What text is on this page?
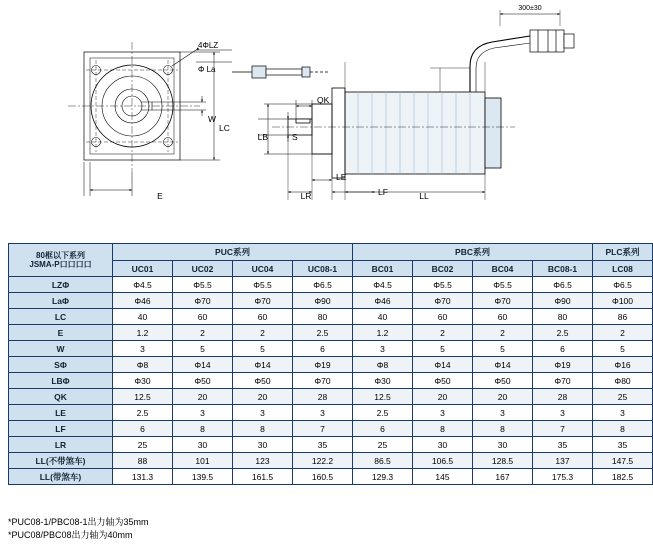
4ΦLZ
Φ La
E
W
LC
300±30
QK
LB	S
LR
LE
LF	LL
80框以下系列
JSMA-P口口口口	PUC系列				PBC系列				PLC系列
	UC01	UC02	UC04	UC08-1	BC01	BC02	BC04	BC08-1	LC08
LZΦ	Φ4.5	Φ5.5	Φ5.5	Φ6.5	Φ4.5	Φ5.5	Φ5.5	Φ6.5	Φ6.5
LaΦ	Φ46	Φ70	Φ70	Φ90	Φ46	Φ70	Φ70	Φ90	Φ100
LC	40	60	60	80	40	60	60	80	86
E	1.2	2	2	2.5	1.2	2	2	2.5	2
W	3	5	5	6	3	5	5	6	5
SΦ	Φ8	Φ14	Φ14	Φ19	Φ8	Φ14	Φ14	Φ19	Φ16
LBΦ	Φ30	Φ50	Φ50	Φ70	Φ30	Φ50	Φ50	Φ70	Φ80
QK	12.5	20	20	28	12.5	20	20	28	25
LE	2.5	3	3	3	2.5	3	3	3	3
LF	6	8	8	7	6	8	8	7	8
LR	25	30	30	35	25	30	30	35	35
LL(不带煞车)	88	101	123	122.2	86.5	106.5	128.5	137	147.5
LL(带煞车)	131.3	139.5	161.5	160.5	129.3	145	167	175.3	182.5
*PUC08-1/PBC08-1出力轴为35mm
*PUC08/PBC08出力轴为40mm
